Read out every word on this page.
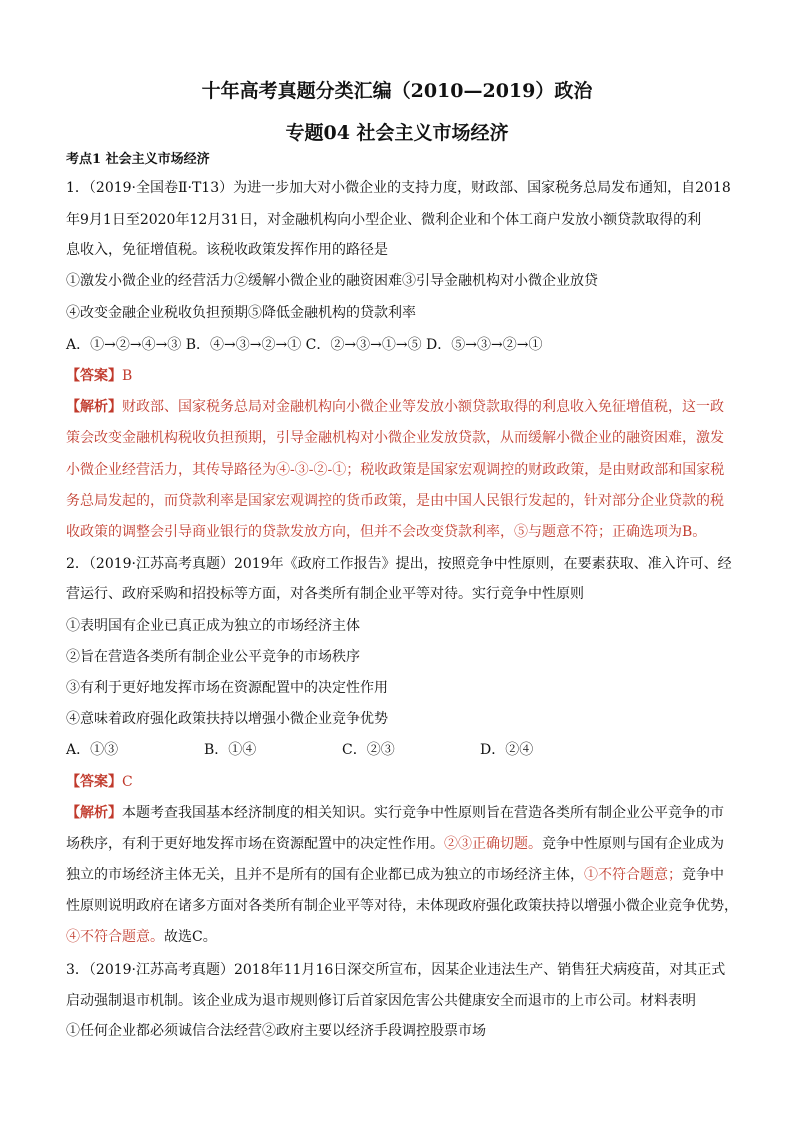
十年高考真题分类汇编（2010—2019）政治
专题04 社会主义市场经济
考点1 社会主义市场经济
1．（2019·全国卷Ⅱ·T13）为进一步加大对小微企业的支持力度，财政部、国家税务总局发布通知，自2018
年9月1日至2020年12月31日，对金融机构向小型企业、微利企业和个体工商户发放小额贷款取得的利
息收入，免征增值税。该税收政策发挥作用的路径是
①激发小微企业的经营活力②缓解小微企业的融资困难③引导金融机构对小微企业放贷
④改变金融企业税收负担预期⑤降低金融机构的贷款利率
A．①→②→④→③ B．④→③→②→① C．②→③→①→⑤ D．⑤→③→②→①
【答案】B
【解析】财政部、国家税务总局对金融机构向小微企业等发放小额贷款取得的利息收入免征增值税，这一政
策会改变金融机构税收负担预期，引导金融机构对小微企业发放贷款，从而缓解小微企业的融资困难，激发
小微企业经营活力，其传导路径为④-③-②-①；税收政策是国家宏观调控的财政政策，是由财政部和国家税
务总局发起的，而贷款利率是国家宏观调控的货币政策，是由中国人民银行发起的，针对部分企业贷款的税
收政策的调整会引导商业银行的贷款发放方向，但并不会改变贷款利率，⑤与题意不符；正确选项为B。
2．（2019·江苏高考真题）2019年《政府工作报告》提出，按照竞争中性原则，在要素获取、准入许可、经
营运行、政府采购和招投标等方面，对各类所有制企业平等对待。实行竞争中性原则
①表明国有企业已真正成为独立的市场经济主体
②旨在营造各类所有制企业公平竞争的市场秩序
③有利于更好地发挥市场在资源配置中的决定性作用
④意味着政府强化政策扶持以增强小微企业竞争优势
A．①③	B．①④	C．②③	D．②④
【答案】C
【解析】本题考查我国基本经济制度的相关知识。实行竞争中性原则旨在营造各类所有制企业公平竞争的市
场秩序，有利于更好地发挥市场在资源配置中的决定性作用。②③正确切题。竞争中性原则与国有企业成为
独立的市场经济主体无关，且并不是所有的国有企业都已成为独立的市场经济主体，①不符合题意；竞争中
性原则说明政府在诸多方面对各类所有制企业平等对待，未体现政府强化政策扶持以增强小微企业竞争优势，
④不符合题意。故选C。
3．（2019·江苏高考真题）2018年11月16日深交所宣布，因某企业违法生产、销售狂犬病疫苗，对其正式
启动强制退市机制。该企业成为退市规则修订后首家因危害公共健康安全而退市的上市公司。材料表明
①任何企业都必须诚信合法经营②政府主要以经济手段调控股票市场
